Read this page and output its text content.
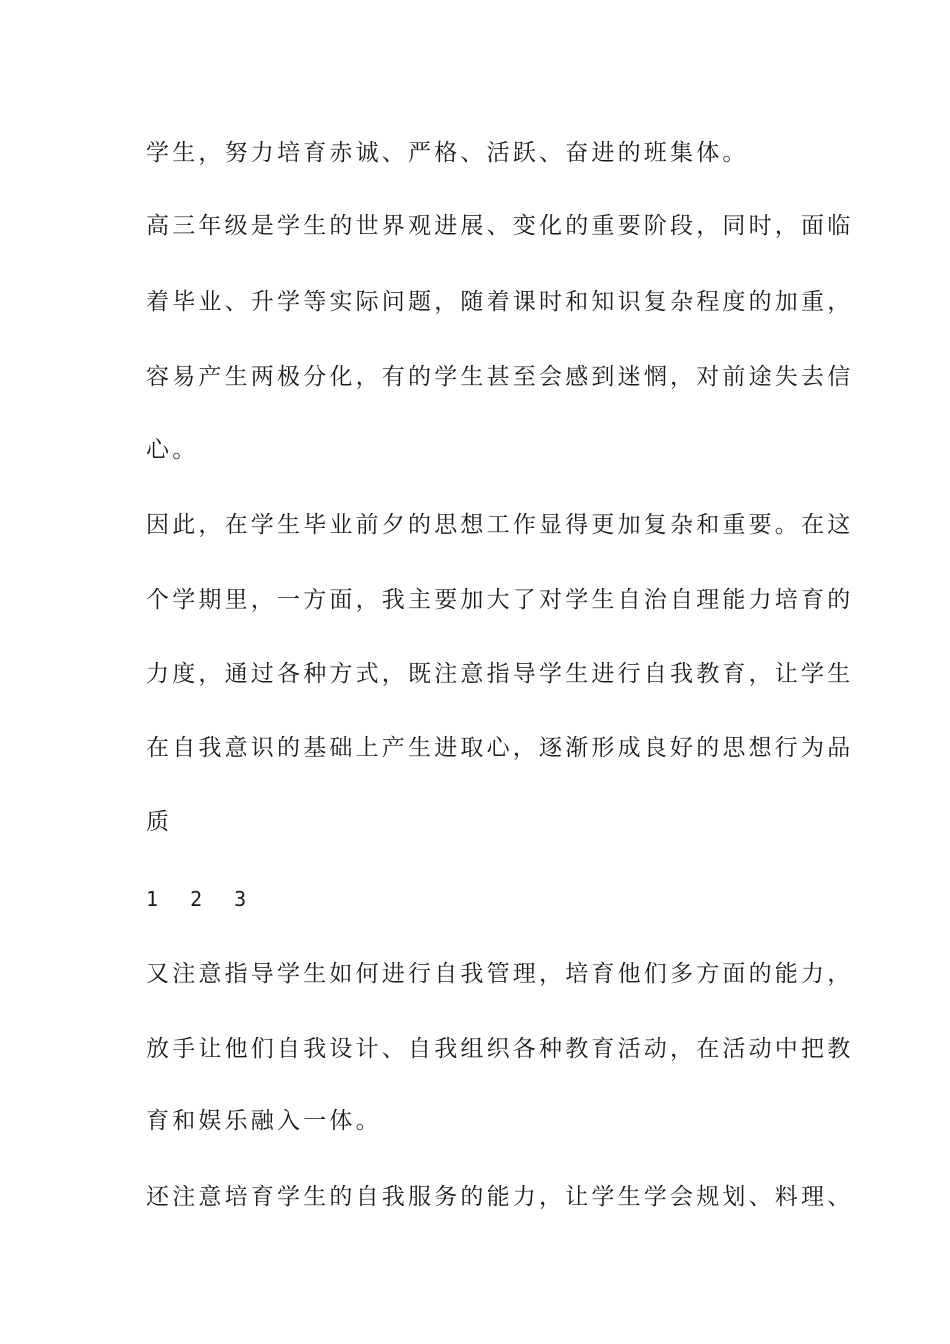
学生，努力培育赤诚、严格、活跃、奋进的班集体。
高三年级是学生的世界观进展、变化的重要阶段，同时，面临
着毕业、升学等实际问题，随着课时和知识复杂程度的加重，
容易产生两极分化，有的学生甚至会感到迷惘，对前途失去信
心。
因此，在学生毕业前夕的思想工作显得更加复杂和重要。在这
个学期里，一方面，我主要加大了对学生自治自理能力培育的
力度，通过各种方式，既注意指导学生进行自我教育，让学生
在自我意识的基础上产生进取心，逐渐形成良好的思想行为品
质
1 2 3
又注意指导学生如何进行自我管理，培育他们多方面的能力，
放手让他们自我设计、自我组织各种教育活动，在活动中把教
育和娱乐融入一体。
还注意培育学生的自我服务的能力，让学生学会规划、料理、
